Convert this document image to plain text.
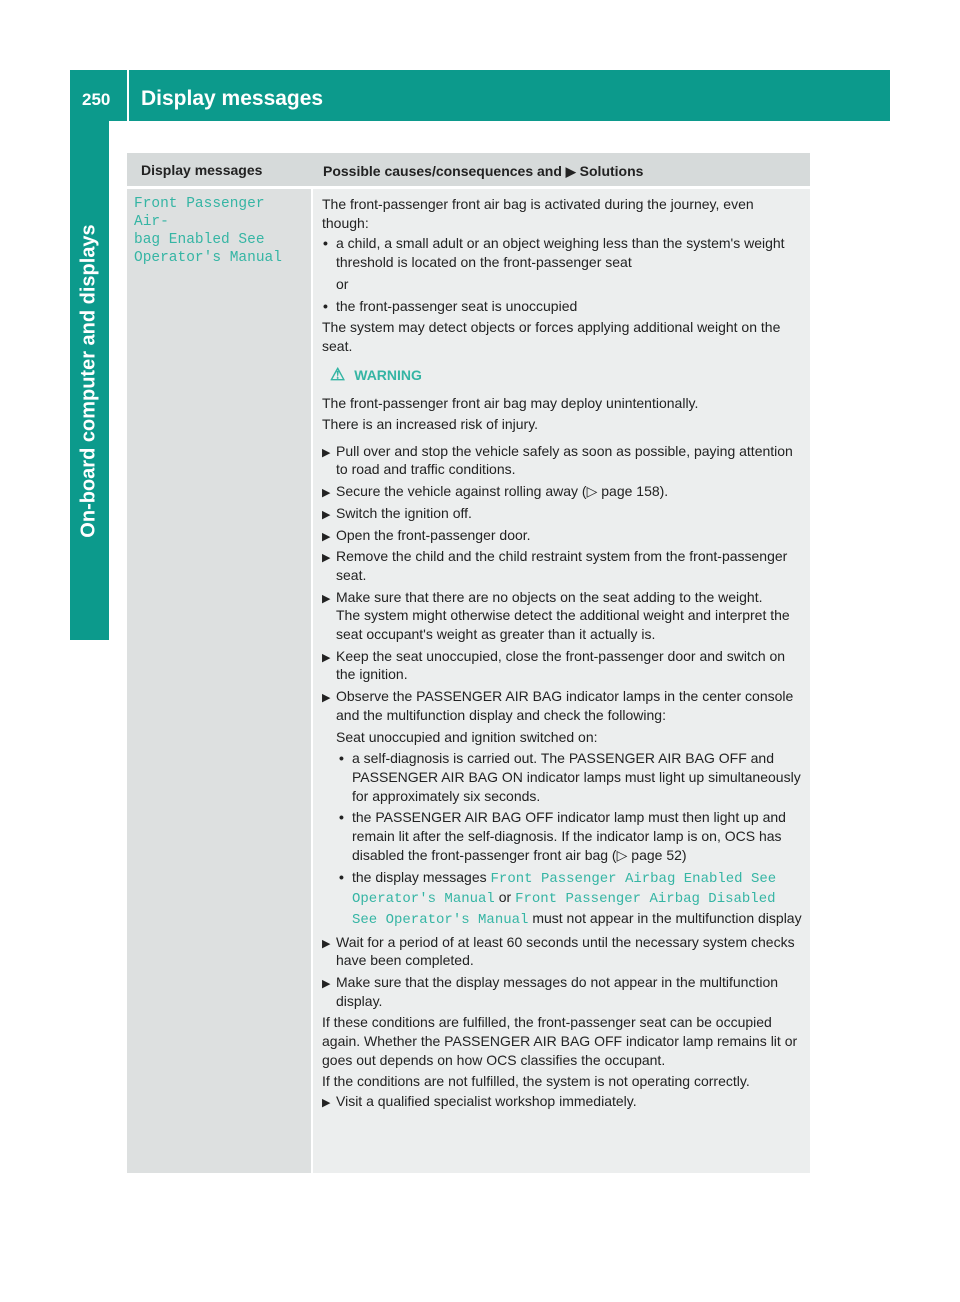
250 Display messages
On-board computer and displays
Display messages	Possible causes/consequences and ▶ Solutions
Front Passenger Air‐
bag Enabled See
Operator's Manual

The front-passenger front air bag is activated during the journey, even though:

• a child, a small adult or an object weighing less than the system's weight threshold is located on the front-passenger seat
or
• the front-passenger seat is unoccupied

The system may detect objects or forces applying additional weight on the seat.

⚠ WARNING

The front-passenger front air bag may deploy unintentionally.

There is an increased risk of injury.

▶ Pull over and stop the vehicle safely as soon as possible, paying attention to road and traffic conditions.
▶ Secure the vehicle against rolling away (▷ page 158).
▶ Switch the ignition off.
▶ Open the front-passenger door.
▶ Remove the child and the child restraint system from the front-passenger seat.
▶ Make sure that there are no objects on the seat adding to the weight.
The system might otherwise detect the additional weight and interpret the seat occupant's weight as greater than it actually is.
▶ Keep the seat unoccupied, close the front-passenger door and switch on the ignition.
▶ Observe the PASSENGER AIR BAG indicator lamps in the center console and the multifunction display and check the following:
Seat unoccupied and ignition switched on:
• a self-diagnosis is carried out. The PASSENGER AIR BAG OFF and PASSENGER AIR BAG ON indicator lamps must light up simultaneously for approximately six seconds.
• the PASSENGER AIR BAG OFF indicator lamp must then light up and remain lit after the self-diagnosis. If the indicator lamp is on, OCS has disabled the front-passenger front air bag (▷ page 52)
• the display messages Front Passenger Airbag Enabled See Operator's Manual or Front Passenger Airbag Disabled See Operator's Manual must not appear in the multifunction display
▶ Wait for a period of at least 60 seconds until the necessary system checks have been completed.
▶ Make sure that the display messages do not appear in the multifunction display.

If these conditions are fulfilled, the front-passenger seat can be occupied again. Whether the PASSENGER AIR BAG OFF indicator lamp remains lit or goes out depends on how OCS classifies the occupant.

If the conditions are not fulfilled, the system is not operating correctly.

▶ Visit a qualified specialist workshop immediately.
